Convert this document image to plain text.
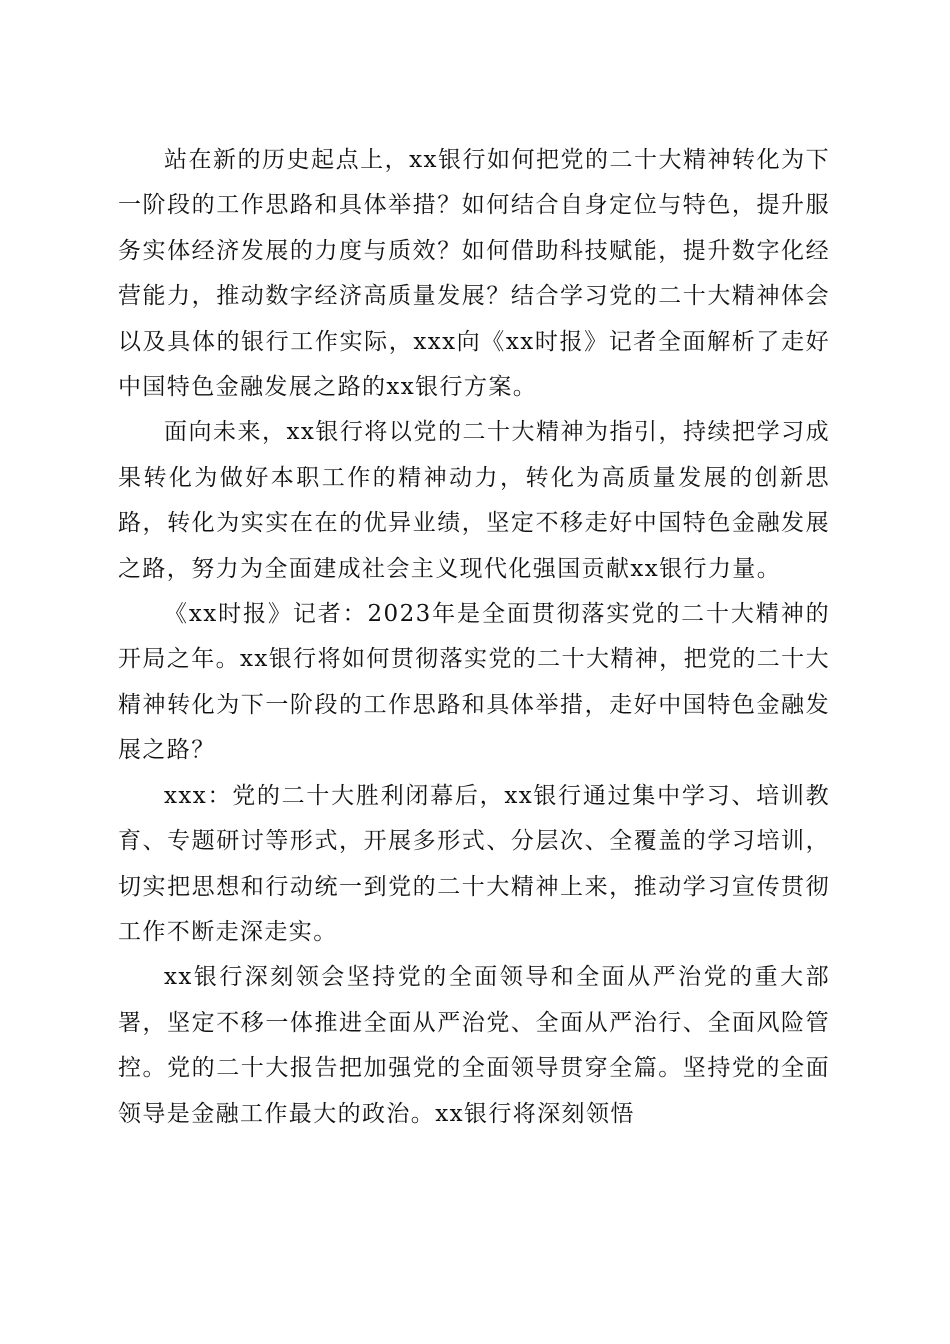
站在新的历史起点上，xx银行如何把党的二十大精神转化为下一阶段的工作思路和具体举措？如何结合自身定位与特色，提升服务实体经济发展的力度与质效？如何借助科技赋能，提升数字化经营能力，推动数字经济高质量发展？结合学习党的二十大精神体会以及具体的银行工作实际，xxx向《xx时报》记者全面解析了走好中国特色金融发展之路的xx银行方案。

面向未来，xx银行将以党的二十大精神为指引，持续把学习成果转化为做好本职工作的精神动力，转化为高质量发展的创新思路，转化为实实在在的优异业绩，坚定不移走好中国特色金融发展之路，努力为全面建成社会主义现代化强国贡献xx银行力量。

《xx时报》记者：2023年是全面贯彻落实党的二十大精神的开局之年。xx银行将如何贯彻落实党的二十大精神，把党的二十大精神转化为下一阶段的工作思路和具体举措，走好中国特色金融发展之路？

xxx：党的二十大胜利闭幕后，xx银行通过集中学习、培训教育、专题研讨等形式，开展多形式、分层次、全覆盖的学习培训，切实把思想和行动统一到党的二十大精神上来，推动学习宣传贯彻工作不断走深走实。

xx银行深刻领会坚持党的全面领导和全面从严治党的重大部署，坚定不移一体推进全面从严治党、全面从严治行、全面风险管控。党的二十大报告把加强党的全面领导贯穿全篇。坚持党的全面领导是金融工作最大的政治。xx银行将深刻领悟
